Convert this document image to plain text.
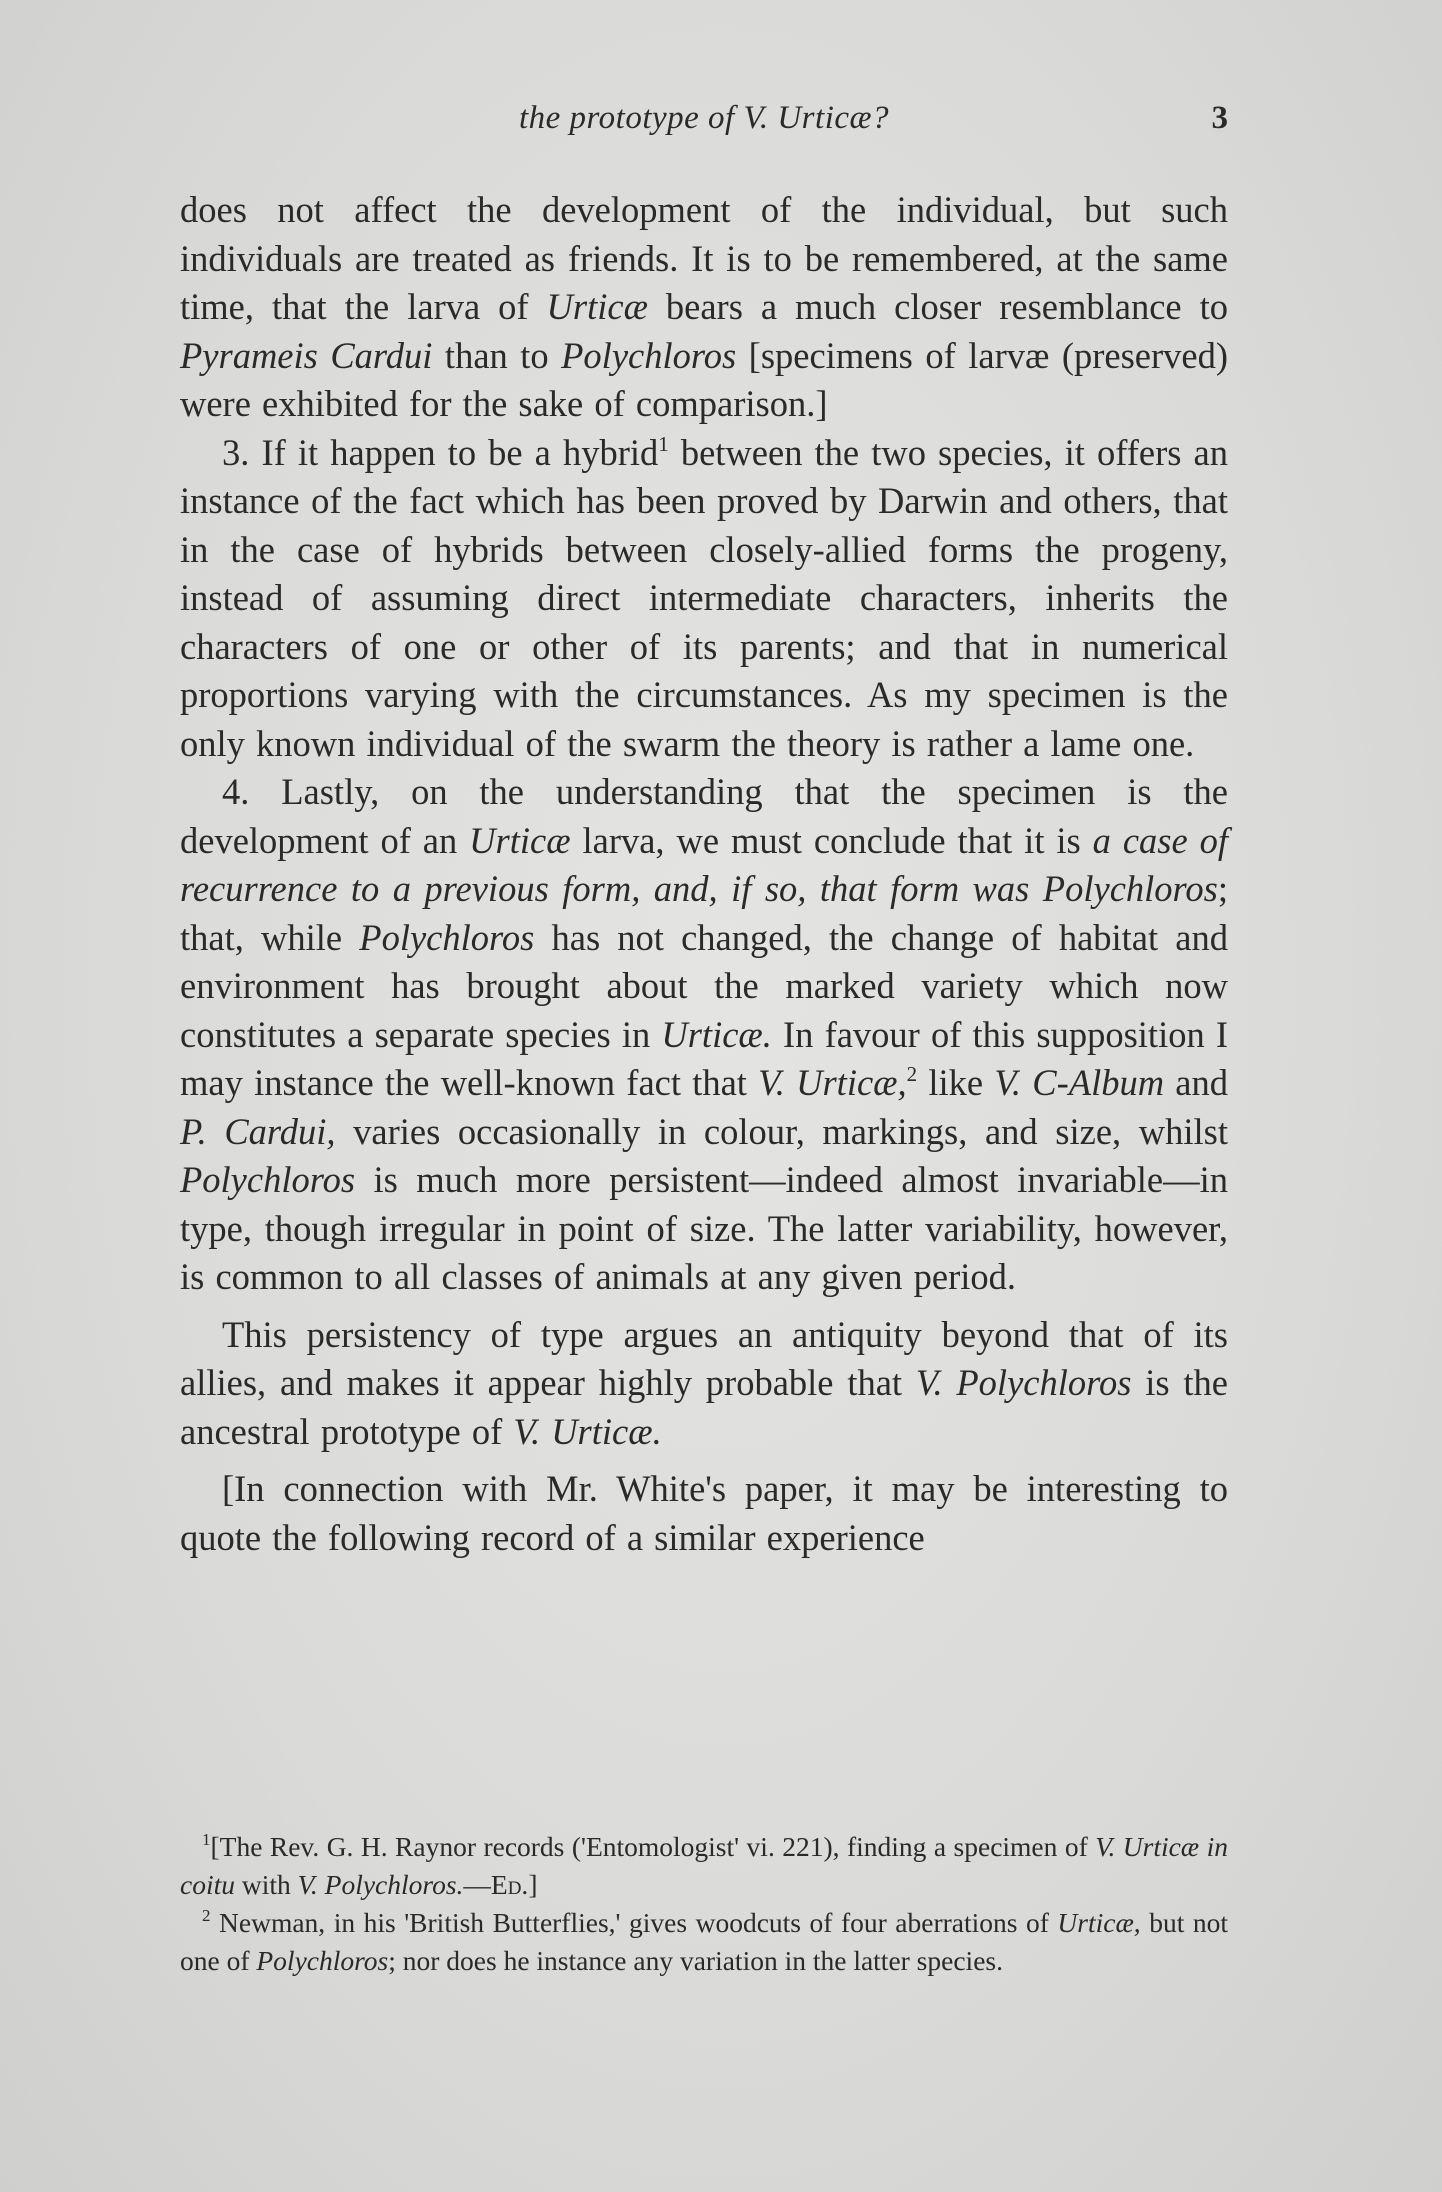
the prototype of V. Urticæ?	3

does not affect the development of the individual, but such individuals are treated as friends. It is to be remembered, at the same time, that the larva of Urticæ bears a much closer resemblance to Pyrameis Cardui than to Polychloros [specimens of larvæ (preserved) were exhibited for the sake of comparison.]

3. If it happen to be a hybrid$^1$ between the two species, it offers an instance of the fact which has been proved by Darwin and others, that in the case of hybrids between closely-allied forms the progeny, instead of assuming direct intermediate characters, inherits the characters of one or other of its parents; and that in numerical proportions varying with the circumstances. As my specimen is the only known individual of the swarm the theory is rather a lame one.

4. Lastly, on the understanding that the specimen is the development of an Urticæ larva, we must conclude that it is a case of recurrence to a previous form, and, if so, that form was Polychloros; that, while Polychloros has not changed, the change of habitat and environment has brought about the marked variety which now constitutes a separate species in Urticæ. In favour of this supposition I may instance the well-known fact that V. Urticæ,$^2$ like V. C-Album and P. Cardui, varies occasionally in colour, markings, and size, whilst Polychloros is much more persistent—indeed almost invariable—in type, though irregular in point of size. The latter variability, however, is common to all classes of animals at any given period.

This persistency of type argues an antiquity beyond that of its allies, and makes it appear highly probable that V. Polychloros is the ancestral prototype of V. Urticæ.

[In connection with Mr. White's paper, it may be interesting to quote the following record of a similar experience

$^1$[The Rev. G. H. Raynor records ('Entomologist' vi. 221), finding a specimen of V. Urticæ in coitu with V. Polychloros.—Ed.]

$^2$ Newman, in his 'British Butterflies,' gives woodcuts of four aberrations of Urticæ, but not one of Polychloros; nor does he instance any variation in the latter species.
